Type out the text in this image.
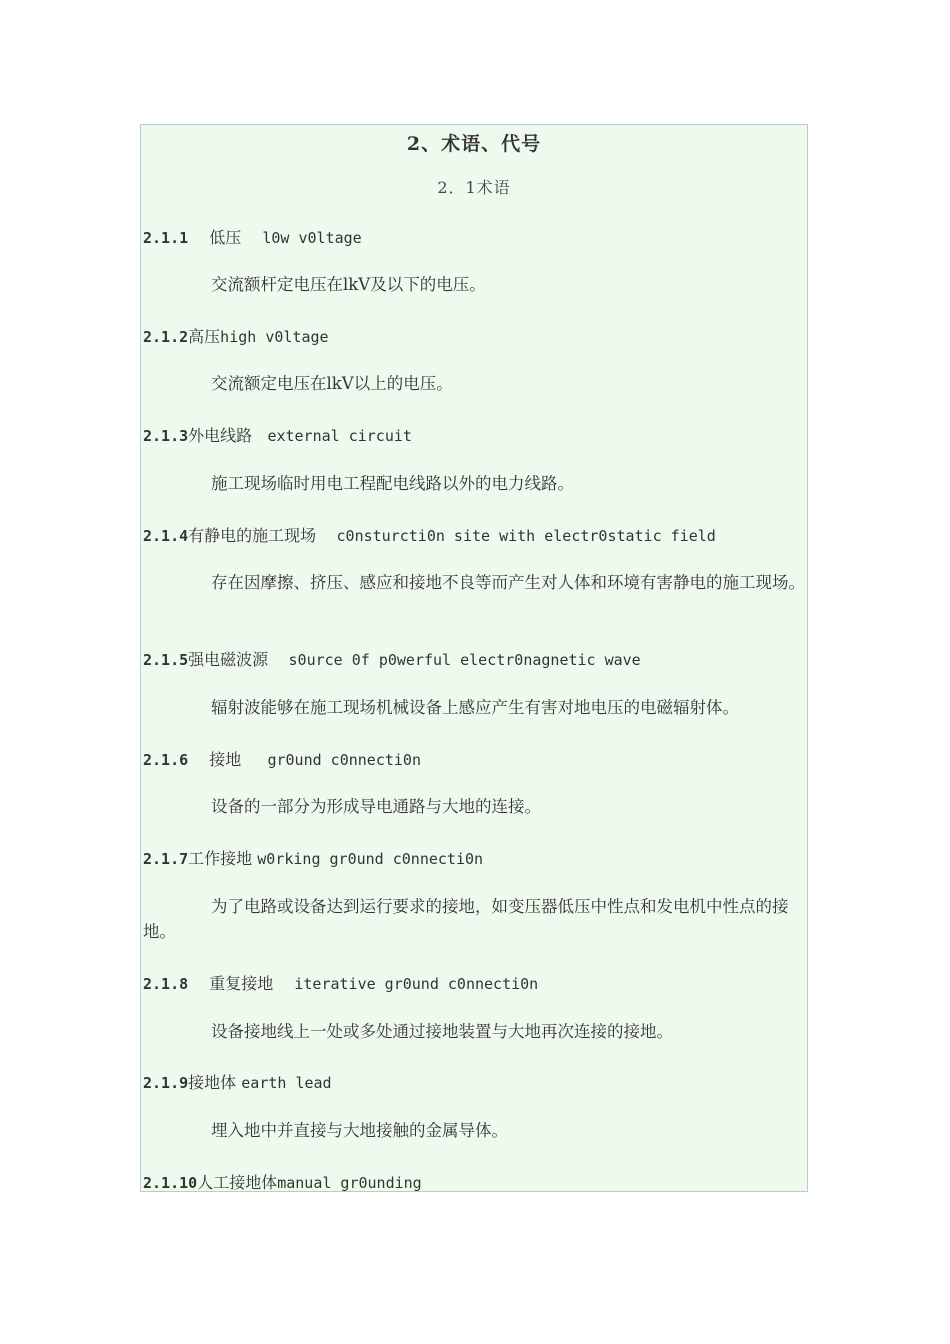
2、术语、代号
2．1术语
2.1.1　 低压　 l0w v0ltage
交流额杆定电压在lkV及以下的电压。
2.1.2高压high v0ltage
交流额定电压在lkV以上的电压。
2.1.3外电线路 external circuit
施工现场临时用电工程配电线路以外的电力线路。
2.1.4有静电的施工现场 c0nsturcti0n site with electr0static field
存在因摩擦、挤压、感应和接地不良等而产生对人体和环境有害静电的施工现场。
2.1.5强电磁波源 s0urce 0f p0werful electr0nagnetic wave
辐射波能够在施工现场机械设备上感应产生有害对地电压的电磁辐射体。
2.1.6　 接地　 gr0und c0nnecti0n
设备的一部分为形成导电通路与大地的连接。
2.1.7工作接地 w0rking gr0und c0nnecti0n
为了电路或设备达到运行要求的接地，如变压器低压中性点和发电机中性点的接地。
2.1.8　 重复接地　 iterative gr0und c0nnecti0n
设备接地线上一处或多处通过接地装置与大地再次连接的接地。
2.1.9接地体 earth lead
埋入地中并直接与大地接触的金属导体。
2.1.10人工接地体manual gr0unding
